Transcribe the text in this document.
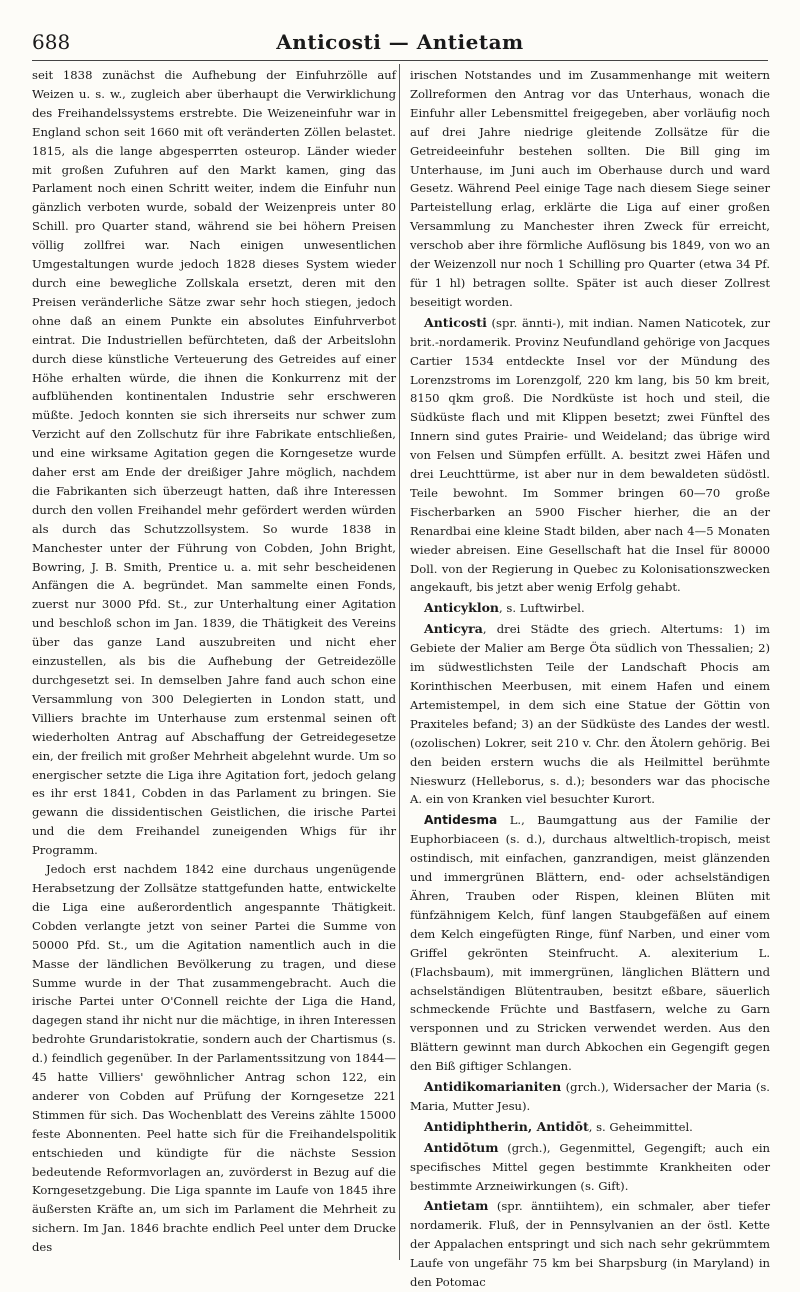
688	Anticosti — Antietam

seit 1838 zunächst die Aufhebung der Einfuhrzölle auf Weizen u. s. w., zugleich aber überhaupt die Verwirklichung des Freihandelssystems erstrebte. Die Weizeneinfuhr war in England schon seit 1660 mit oft veränderten Zöllen belastet. 1815, als die lange abgesperrten osteurop. Länder wieder mit großen Zufuhren auf den Markt kamen, ging das Parlament noch einen Schritt weiter, indem die Einfuhr nun gänzlich verboten wurde, sobald der Weizenpreis unter 80 Schill. pro Quarter stand, während sie bei höhern Preisen völlig zollfrei war. Nach einigen unwesentlichen Umgestaltungen wurde jedoch 1828 dieses System wieder durch eine bewegliche Zollskala ersetzt, deren mit den Preisen veränderliche Sätze zwar sehr hoch stiegen, jedoch ohne daß an einem Punkte ein absolutes Einfuhrverbot eintrat. Die Industriellen befürchteten, daß der Arbeitslohn durch diese künstliche Verteuerung des Getreides auf einer Höhe erhalten würde, die ihnen die Konkurrenz mit der aufblühenden kontinentalen Industrie sehr erschweren müßte. Jedoch konnten sie sich ihrerseits nur schwer zum Verzicht auf den Zollschutz für ihre Fabrikate entschließen, und eine wirksame Agitation gegen die Korngesetze wurde daher erst am Ende der dreißiger Jahre möglich, nachdem die Fabrikanten sich überzeugt hatten, daß ihre Interessen durch den vollen Freihandel mehr gefördert werden würden als durch das Schutzzollsystem. So wurde 1838 in Manchester unter der Führung von Cobden, John Bright, Bowring, J. B. Smith, Prentice u. a. mit sehr bescheidenen Anfängen die A. begründet. Man sammelte einen Fonds, zuerst nur 3000 Pfd. St., zur Unterhaltung einer Agitation und beschloß schon im Jan. 1839, die Thätigkeit des Vereins über das ganze Land auszubreiten und nicht eher einzustellen, als bis die Aufhebung der Getreidezölle durchgesetzt sei. In demselben Jahre fand auch schon eine Versammlung von 300 Delegierten in London statt, und Villiers brachte im Unterhause zum erstenmal seinen oft wiederholten Antrag auf Abschaffung der Getreidegesetze ein, der freilich mit großer Mehrheit abgelehnt wurde. Um so energischer setzte die Liga ihre Agitation fort, jedoch gelang es ihr erst 1841, Cobden in das Parlament zu bringen. Sie gewann die dissidentischen Geistlichen, die irische Partei und die dem Freihandel zuneigenden Whigs für ihr Programm.

Jedoch erst nachdem 1842 eine durchaus ungenügende Herabsetzung der Zollsätze stattgefunden hatte, entwickelte die Liga eine außerordentlich angespannte Thätigkeit. Cobden verlangte jetzt von seiner Partei die Summe von 50000 Pfd. St., um die Agitation namentlich auch in die Masse der ländlichen Bevölkerung zu tragen, und diese Summe wurde in der That zusammengebracht. Auch die irische Partei unter O'Connell reichte der Liga die Hand, dagegen stand ihr nicht nur die mächtige, in ihren Interessen bedrohte Grundaristokratie, sondern auch der Chartismus (s. d.) feindlich gegenüber. In der Parlamentssitzung von 1844—45 hatte Villiers' gewöhnlicher Antrag schon 122, ein anderer von Cobden auf Prüfung der Korngesetze 221 Stimmen für sich. Das Wochenblatt des Vereins zählte 15000 feste Abonnenten. Peel hatte sich für die Freihandelspolitik entschieden und kündigte für die nächste Session bedeutende Reformvorlagen an, zuvörderst in Bezug auf die Korngesetzgebung. Die Liga spannte im Laufe von 1845 ihre äußersten Kräfte an, um sich im Parlament die Mehrheit zu sichern. Im Jan. 1846 brachte endlich Peel unter dem Drucke des

irischen Notstandes und im Zusammenhange mit weitern Zollreformen den Antrag vor das Unterhaus, wonach die Einfuhr aller Lebensmittel freigegeben, aber vorläufig noch auf drei Jahre niedrige gleitende Zollsätze für die Getreideeinfuhr bestehen sollten. Die Bill ging im Unterhause, im Juni auch im Oberhause durch und ward Gesetz. Während Peel einige Tage nach diesem Siege seiner Parteistellung erlag, erklärte die Liga auf einer großen Versammlung zu Manchester ihren Zweck für erreicht, verschob aber ihre förmliche Auflösung bis 1849, von wo an der Weizenzoll nur noch 1 Schilling pro Quarter (etwa 34 Pf. für 1 hl) betragen sollte. Später ist auch dieser Zollrest beseitigt worden.

Anticosti (spr. ännti-), mit indian. Namen Naticotek, zur brit.-nordamerik. Provinz Neufundland gehörige von Jacques Cartier 1534 entdeckte Insel vor der Mündung des Lorenzstroms im Lorenzgolf, 220 km lang, bis 50 km breit, 8150 qkm groß. Die Nordküste ist hoch und steil, die Südküste flach und mit Klippen besetzt; zwei Fünftel des Innern sind gutes Prairie- und Weideland; das übrige wird von Felsen und Sümpfen erfüllt. A. besitzt zwei Häfen und drei Leuchttürme, ist aber nur in dem bewaldeten südöstl. Teile bewohnt. Im Sommer bringen 60—70 große Fischerbarken an 5900 Fischer hierher, die an der Renardbai eine kleine Stadt bilden, aber nach 4—5 Monaten wieder abreisen. Eine Gesellschaft hat die Insel für 80000 Doll. von der Regierung in Quebec zu Kolonisationszwecken angekauft, bis jetzt aber wenig Erfolg gehabt.

Anticyklon, s. Luftwirbel.

Anticyra, drei Städte des griech. Altertums: 1) im Gebiete der Malier am Berge Öta südlich von Thessalien; 2) im südwestlichsten Teile der Landschaft Phocis am Korinthischen Meerbusen, mit einem Hafen und einem Artemistempel, in dem sich eine Statue der Göttin von Praxiteles befand; 3) an der Südküste des Landes der westl. (ozolischen) Lokrer, seit 210 v. Chr. den Ätolern gehörig. Bei den beiden erstern wuchs die als Heilmittel berühmte Nieswurz (Helleborus, s. d.); besonders war das phocische A. ein von Kranken viel besuchter Kurort.

Antidesma L., Baumgattung aus der Familie der Euphorbiaceen (s. d.), durchaus altweltlich-tropisch, meist ostindisch, mit einfachen, ganzrandigen, meist glänzenden und immergrünen Blättern, end- oder achselständigen Ähren, Trauben oder Rispen, kleinen Blüten mit fünfzähnigem Kelch, fünf langen Staubgefäßen auf einem dem Kelch eingefügten Ringe, fünf Narben, und einer vom Griffel gekrönten Steinfrucht. A. alexiterium L. (Flachsbaum), mit immergrünen, länglichen Blättern und achselständigen Blütentrauben, besitzt eßbare, säuerlich schmeckende Früchte und Bastfasern, welche zu Garn versponnen und zu Stricken verwendet werden. Aus den Blättern gewinnt man durch Abkochen ein Gegengift gegen den Biß giftiger Schlangen.

Antidikomarianiten (grch.), Widersacher der Maria (s. Maria, Mutter Jesu).

Antidiphtherin, Antidōt, s. Geheimmittel.

Antidōtum (grch.), Gegenmittel, Gegengift; auch ein specifisches Mittel gegen bestimmte Krankheiten oder bestimmte Arzneiwirkungen (s. Gift).

Antietam (spr. änntiihtem), ein schmaler, aber tiefer nordamerik. Fluß, der in Pennsylvanien an der östl. Kette der Appalachen entspringt und sich nach sehr gekrümmtem Laufe von ungefähr 75 km bei Sharpsburg (in Maryland) in den Potomac
